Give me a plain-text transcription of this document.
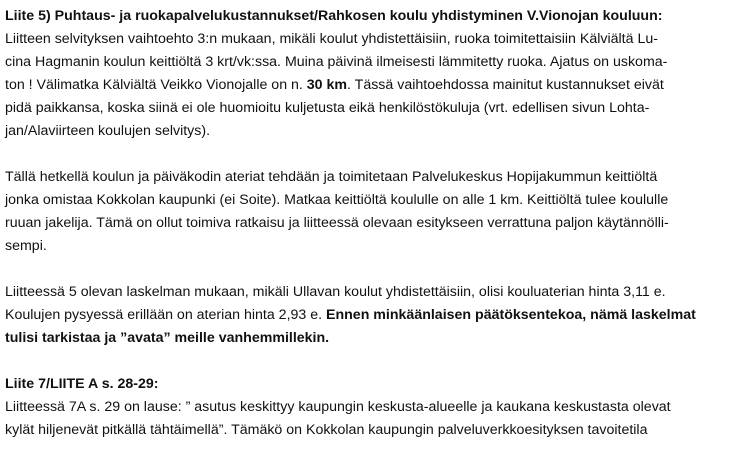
Liite 5) Puhtaus- ja ruokapalvelukustannukset/Rahkosen koulu yhdistyminen V.Vionojan kouluun:
Liitteen selvityksen vaihtoehto 3:n mukaan, mikäli koulut yhdistettäisiin, ruoka toimitettaisiin Kälviältä Lu-
cina Hagmanin koulun keittiöltä 3 krt/vk:ssa. Muina päivinä ilmeisesti lämmitetty ruoka. Ajatus on uskoma-
ton ! Välimatka Kälviältä Veikko Vionojalle on n. 30 km. Tässä vaihtoehdossa mainitut kustannukset eivät
pidä paikkansa, koska siinä ei ole huomioitu kuljetusta eikä henkilöstökuluja (vrt. edellisen sivun Lohta-
jan/Alaviirteen koulujen selvitys).
Tällä hetkellä koulun ja päiväkodin ateriat tehdään ja toimitetaan Palvelukeskus Hopijakummun keittiöltä
jonka omistaa Kokkolan kaupunki (ei Soite). Matkaa keittiöltä koululle on alle 1 km. Keittiöltä tulee koululle
ruuan jakelija. Tämä on ollut toimiva ratkaisu ja liitteessä olevaan esitykseen verrattuna paljon käytännölli-
sempi.
Liitteessä 5 olevan laskelman mukaan, mikäli Ullavan koulut yhdistettäisiin, olisi kouluaterian hinta 3,11 e.
Koulujen pysyessä erillään on aterian hinta 2,93 e. Ennen minkäänlaisen päätöksentekoa, nämä laskelmat
tulisi tarkistaa ja ”avata” meille vanhemmillekin.
Liite 7/LIITE A s. 28-29:
Liitteessä 7A s. 29 on lause: ” asutus keskittyy kaupungin keskusta-alueelle ja kaukana keskustasta olevat
kylät hiljenevät pitkällä tähtäimellä”. Tämäkö on Kokkolan kaupungin palveluverkkoesityksen tavoitetila
